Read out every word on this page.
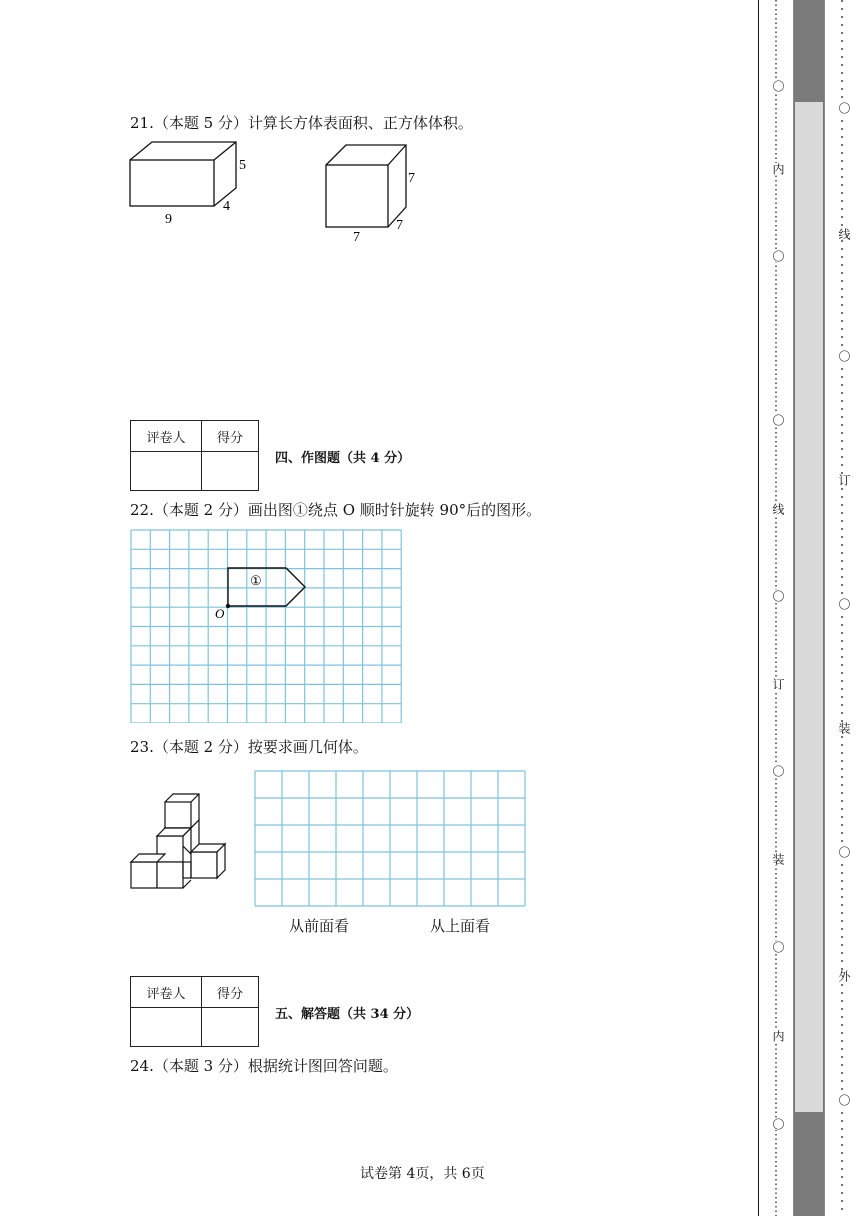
21.（本题 5 分）计算长方体表面积、正方体体积。
5
4
9
7
7
7
评卷人	得分

四、作图题（共 4 分）
22.（本题 2 分）画出图①绕点 O 顺时针旋转 90°后的图形。
①
O
23.（本题 2 分）按要求画几何体。
从前面看	从上面看
评卷人	得分

五、解答题（共 34 分）
24.（本题 3 分）根据统计图回答问题。
试卷第 4页，共 6页
〇
内
〇
〇
线
〇
订
〇
装
〇
内
〇
〇
线
〇
订
〇
装
〇
外
〇
